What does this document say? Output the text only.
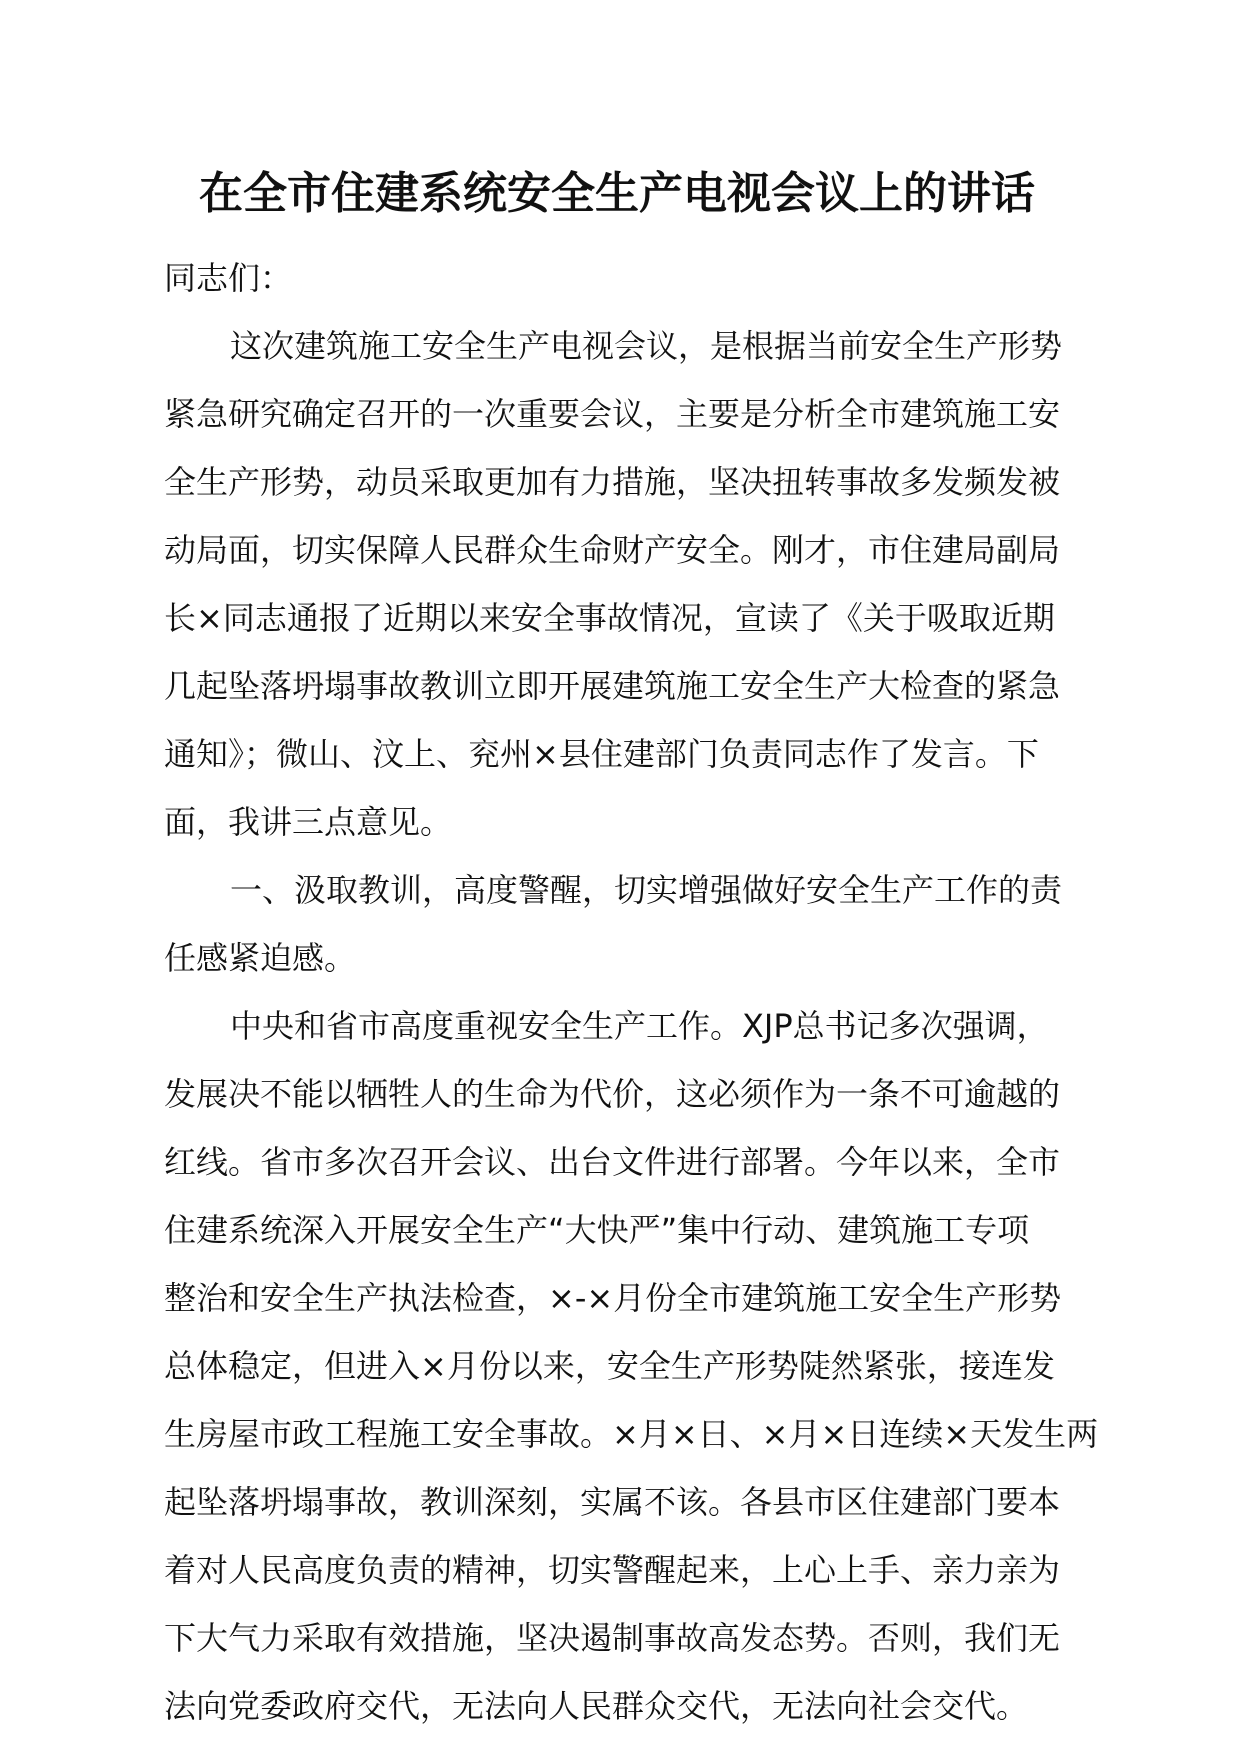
在全市住建系统安全生产电视会议上的讲话

同志们：

这次建筑施工安全生产电视会议，是根据当前安全生产形势

紧急研究确定召开的一次重要会议，主要是分析全市建筑施工安

全生产形势，动员采取更加有力措施，坚决扭转事故多发频发被

动局面，切实保障人民群众生命财产安全。刚才，市住建局副局

长×同志通报了近期以来安全事故情况，宣读了《关于吸取近期

几起坠落坍塌事故教训立即开展建筑施工安全生产大检查的紧急

通知》；微山、汶上、兖州×县住建部门负责同志作了发言。下

面，我讲三点意见。

一、汲取教训，高度警醒，切实增强做好安全生产工作的责

任感紧迫感。

中央和省市高度重视安全生产工作。XJP总书记多次强调，

发展决不能以牺牲人的生命为代价，这必须作为一条不可逾越的

红线。省市多次召开会议、出台文件进行部署。今年以来，全市

住建系统深入开展安全生产“大快严”集中行动、建筑施工专项

整治和安全生产执法检查，×-×月份全市建筑施工安全生产形势

总体稳定，但进入×月份以来，安全生产形势陡然紧张，接连发

生房屋市政工程施工安全事故。×月×日、×月×日连续×天发生两

起坠落坍塌事故，教训深刻，实属不该。各县市区住建部门要本

着对人民高度负责的精神，切实警醒起来，上心上手、亲力亲为

下大气力采取有效措施，坚决遏制事故高发态势。否则，我们无

法向党委政府交代，无法向人民群众交代，无法向社会交代。
